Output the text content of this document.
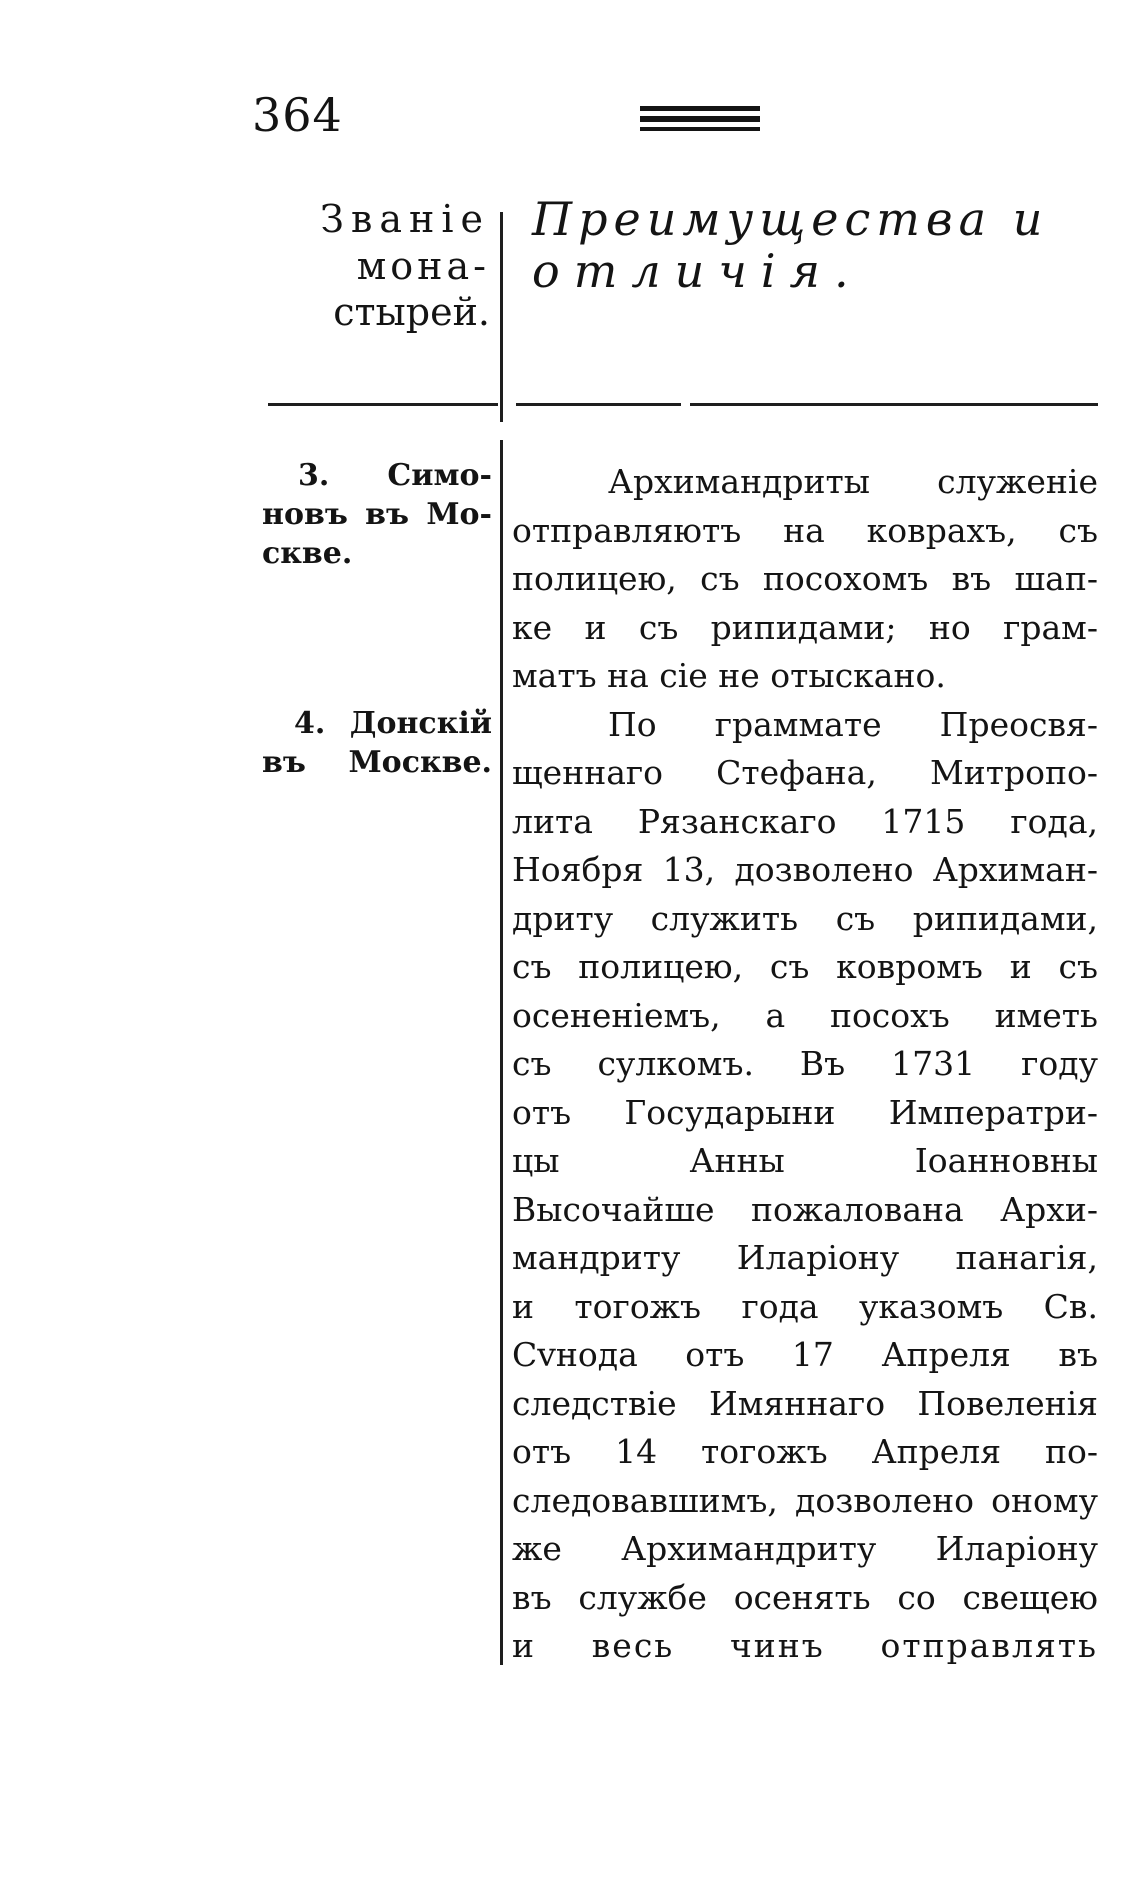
364
Званіе
мона-
стырей.
Преимущества и
отличія.
3. Симо-
новъ въ Мо-
скве.
4. Донскій
въ Москве.
Архимандриты служеніе
отправляютъ на коврахъ, съ
полицею, съ посохомъ въ шап-
ке и съ рипидами; но грам-
матъ на сіе не отыскано.
По граммате Преосвя-
щеннаго Стефана, Митропо-
лита Рязанскаго 1715 года,
Ноября 13, дозволено Архиман-
дриту служить съ рипидами,
съ полицею, съ ковромъ и съ
осененіемъ, а посохъ иметь
съ сулкомъ. Въ 1731 году
отъ Государыни Императри-
цы Анны Іоанновны
Высочайше пожалована Архи-
мандриту Иларіону панагія,
и тогожъ года указомъ Св.
Сvнода отъ 17 Апреля въ
следствіе Имяннаго Повеленія
отъ 14 тогожъ Апреля по-
следовавшимъ, дозволено оному
же Архимандриту Иларіону
въ службе осенять со свещею
и весь чинъ отправлять
